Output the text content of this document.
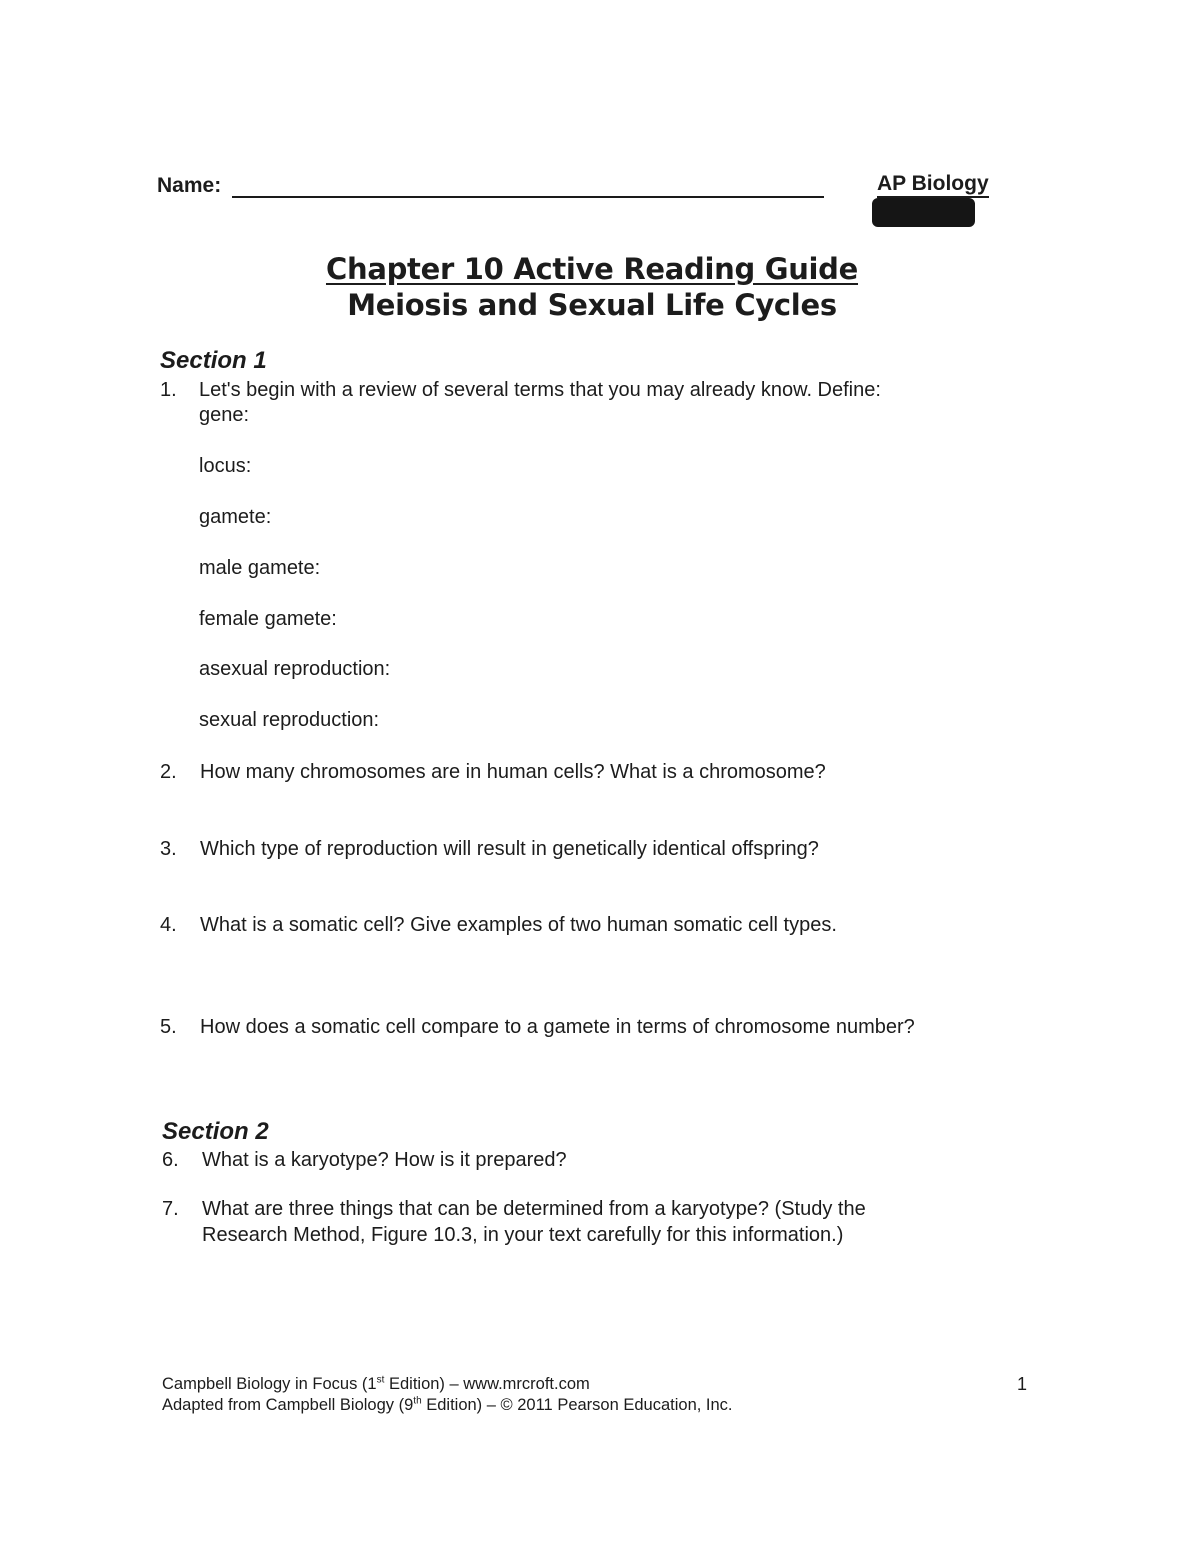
Name:	AP Biology
Chapter 10 Active Reading Guide
Meiosis and Sexual Life Cycles
Section 1
1. Let's begin with a review of several terms that you may already know. Define:
gene:
locus:
gamete:
male gamete:
female gamete:
asexual reproduction:
sexual reproduction:
2. How many chromosomes are in human cells? What is a chromosome?
3. Which type of reproduction will result in genetically identical offspring?
4. What is a somatic cell? Give examples of two human somatic cell types.
5. How does a somatic cell compare to a gamete in terms of chromosome number?
Section 2
6. What is a karyotype? How is it prepared?
7. What are three things that can be determined from a karyotype? (Study the
Research Method, Figure 10.3, in your text carefully for this information.)
Campbell Biology in Focus (1st Edition) – www.mrcroft.com
Adapted from Campbell Biology (9th Edition) – © 2011 Pearson Education, Inc.
1
